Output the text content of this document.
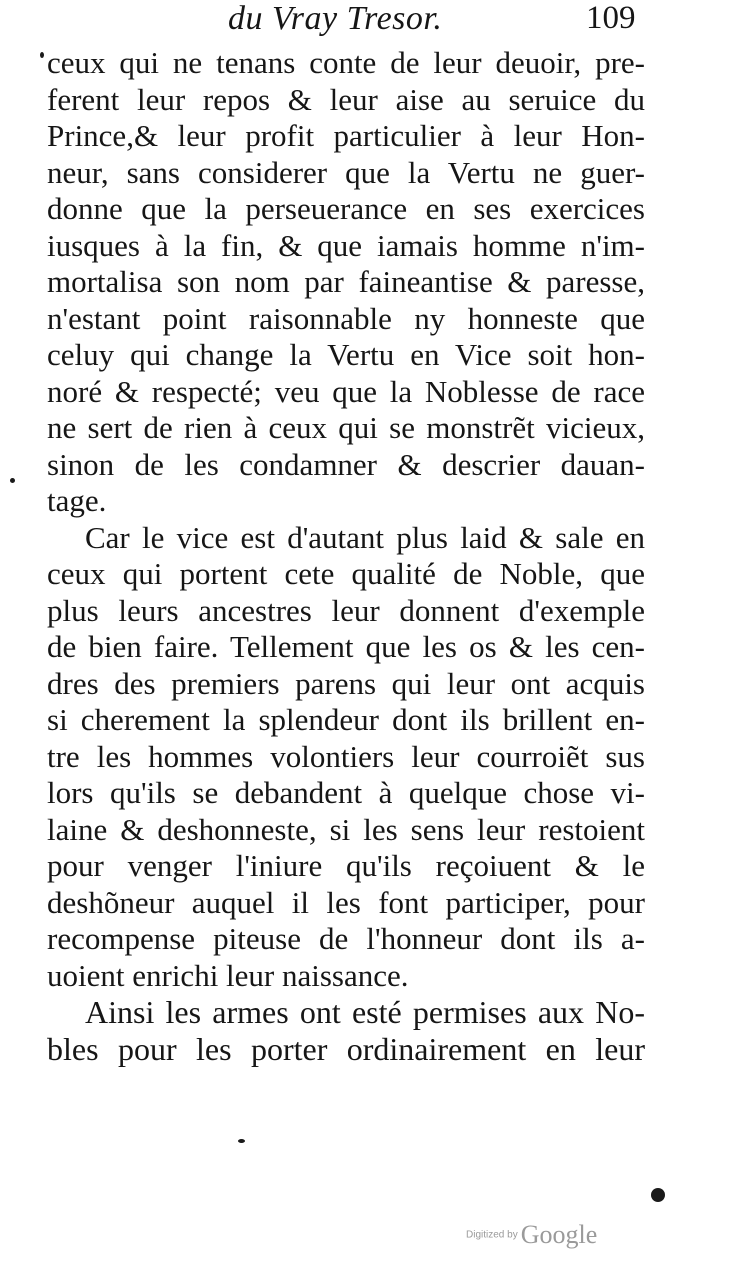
du Vray Tresor.	109
ceux qui ne tenans conte de leur deuoir, pre-
ferent leur repos & leur aise au seruice du
Prince,& leur profit particulier à leur Hon-
neur, sans considerer que la Vertu ne guer-
donne que la perseuerance en ses exercices
iusques à la fin, & que iamais homme n'im-
mortalisa son nom par faineantise & paresse,
n'estant point raisonnable ny honneste que
celuy qui change la Vertu en Vice soit hon-
noré & respecté; veu que la Noblesse de race
ne sert de rien à ceux qui se monstrẽt vicieux,
sinon de les condamner & descrier dauan-
tage.
Car le vice est d'autant plus laid & sale en
ceux qui portent cete qualité de Noble, que
plus leurs ancestres leur donnent d'exemple
de bien faire. Tellement que les os & les cen-
dres des premiers parens qui leur ont acquis
si cherement la splendeur dont ils brillent en-
tre les hommes volontiers leur courroiẽt sus
lors qu'ils se debandent à quelque chose vi-
laine & deshonneste, si les sens leur restoient
pour venger l'iniure qu'ils reçoiuent & le
deshõneur auquel il les font participer, pour
recompense piteuse de l'honneur dont ils a-
uoient enrichi leur naissance.
Ainsi les armes ont esté permises aux No-
bles pour les porter ordinairement en leur
Digitized by Google
